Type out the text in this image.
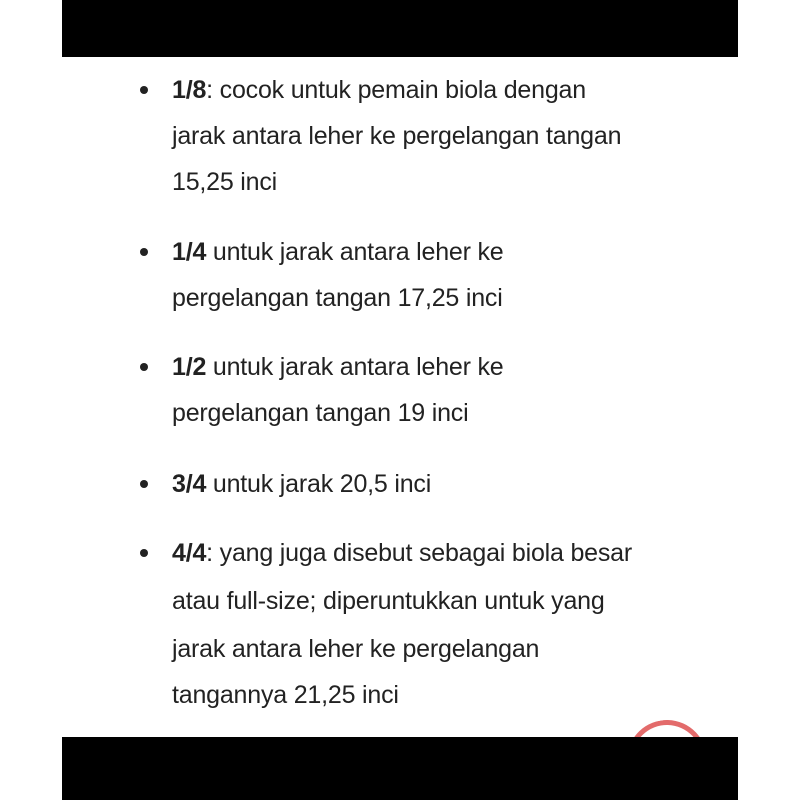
1/8: cocok untuk pemain biola dengan
jarak antara leher ke pergelangan tangan
15,25 inci
1/4 untuk jarak antara leher ke
pergelangan tangan 17,25 inci
1/2 untuk jarak antara leher ke
pergelangan tangan 19 inci
3/4 untuk jarak 20,5 inci
4/4: yang juga disebut sebagai biola besar
atau full-size; diperuntukkan untuk yang
jarak antara leher ke pergelangan
tangannya 21,25 inci
